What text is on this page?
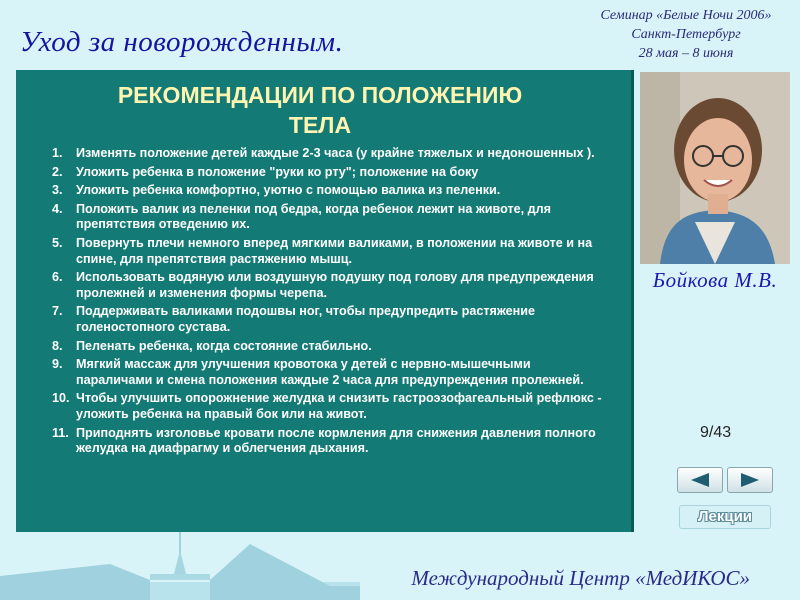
Уход за новорожденным.
Семинар «Белые Ночи 2006»
Санкт-Петербург
28 мая – 8 июня
РЕКОМЕНДАЦИИ ПО ПОЛОЖЕНИЮ
ТЕЛА
1. Изменять положение детей каждые 2-3 часа (у крайне тяжелых и недоношенных ).
2. Уложить ребенка в положение "руки ко рту"; положение на боку
3. Уложить ребенка комфортно, уютно с помощью валика из пеленки.
4. Положить валик из пеленки под бедра, когда ребенок лежит на животе, для препятствия отведению их.
5. Повернуть плечи немного вперед мягкими валиками, в положении на животе и на спине, для препятствия растяжению мышц.
6. Использовать водяную или воздушную подушку под голову для предупреждения пролежней и изменения формы черепа.
7. Поддерживать валиками подошвы ног, чтобы предупредить растяжение голеностопного сустава.
8. Пеленать ребенка, когда состояние стабильно.
9. Мягкий массаж для улучшения кровотока у детей с нервно-мышечными параличами и смена положения каждые 2 часа для предупреждения пролежней.
10. Чтобы улучшить опорожнение желудка и снизить гастроэзофагеальный рефлюкс - уложить ребенка на правый бок или на живот.
11. Приподнять изголовье кровати после кормления для снижения давления полного желудка на диафрагму и облегчения дыхания.
Бойкова М.В.
9/43
Лекции
Международный Центр «МедИКОС»
